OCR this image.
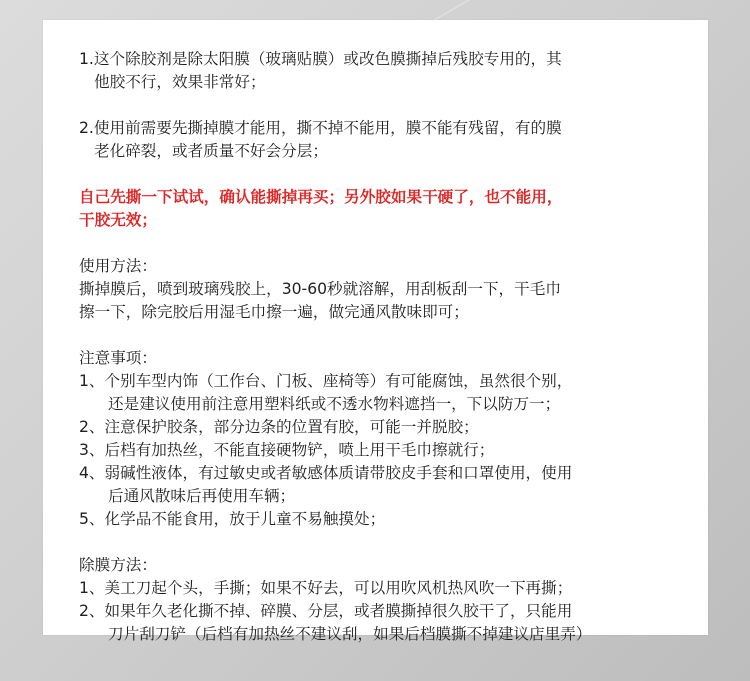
1.这个除胶剂是除太阳膜（玻璃贴膜）或改色膜撕掉后残胶专用的，其
他胶不行，效果非常好；
2.使用前需要先撕掉膜才能用，撕不掉不能用，膜不能有残留，有的膜
老化碎裂，或者质量不好会分层；
自己先撕一下试试，确认能撕掉再买；另外胶如果干硬了，也不能用，
干胶无效；
使用方法：
撕掉膜后，喷到玻璃残胶上，30-60秒就溶解，用刮板刮一下，干毛巾
擦一下，除完胶后用湿毛巾擦一遍，做完通风散味即可；
注意事项：
1、个别车型内饰（工作台、门板、座椅等）有可能腐蚀，虽然很个别，
还是建议使用前注意用塑料纸或不透水物料遮挡一，下以防万一；
2、注意保护胶条，部分边条的位置有胶，可能一并脱胶；
3、后档有加热丝，不能直接硬物铲，喷上用干毛巾擦就行；
4、弱碱性液体，有过敏史或者敏感体质请带胶皮手套和口罩使用，使用
后通风散味后再使用车辆；
5、化学品不能食用，放于儿童不易触摸处；
除膜方法：
1、美工刀起个头，手撕；如果不好去，可以用吹风机热风吹一下再撕；
2、如果年久老化撕不掉、碎膜、分层，或者膜撕掉很久胶干了，只能用
刀片刮刀铲（后档有加热丝不建议刮，如果后档膜撕不掉建议店里弄）
